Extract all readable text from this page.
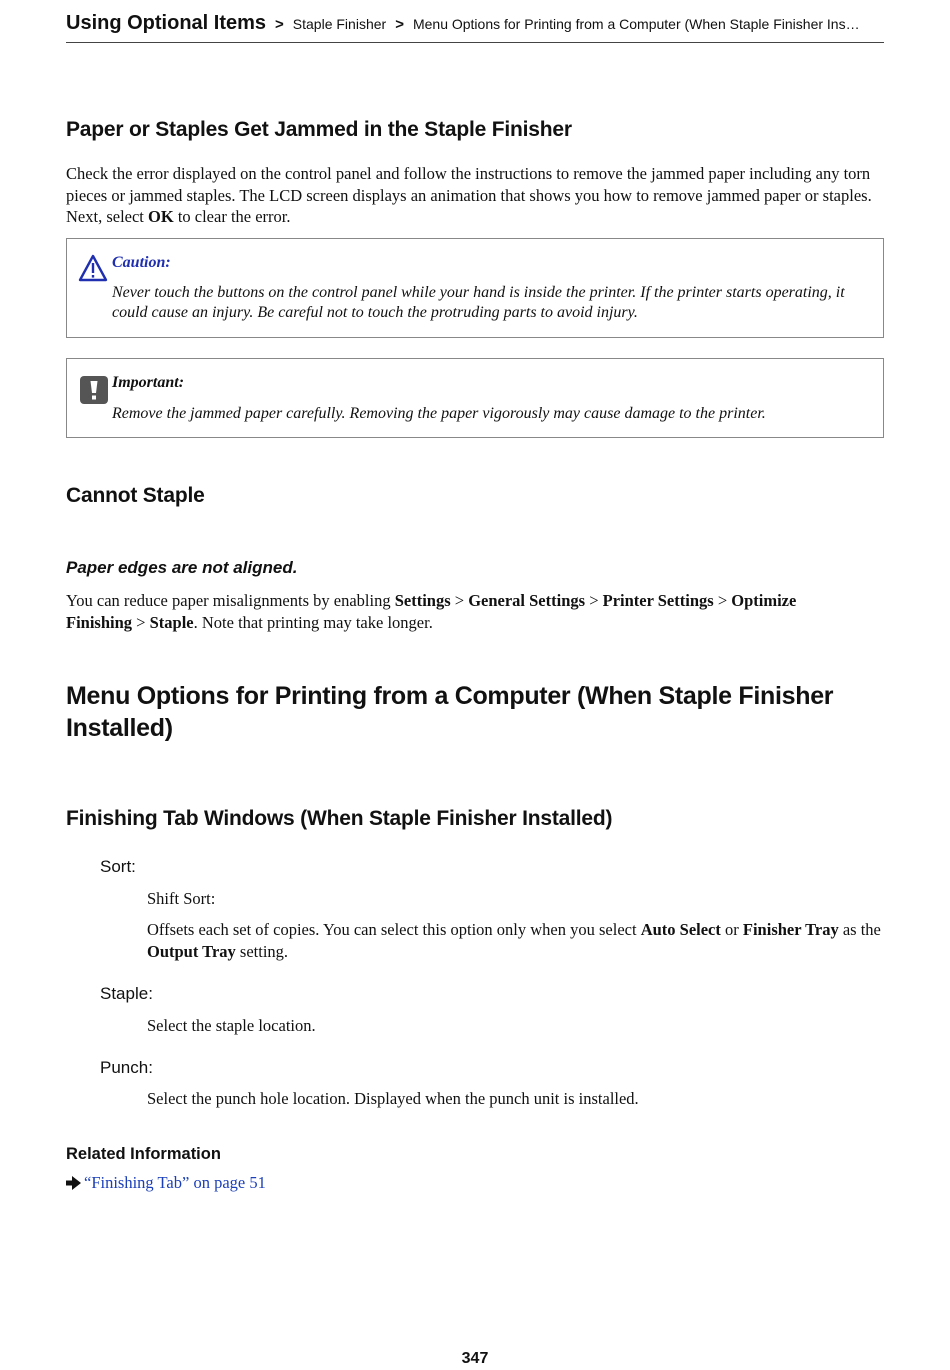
Using Optional Items > Staple Finisher > Menu Options for Printing from a Computer (When Staple Finisher Ins…
Paper or Staples Get Jammed in the Staple Finisher
Check the error displayed on the control panel and follow the instructions to remove the jammed paper including any torn pieces or jammed staples. The LCD screen displays an animation that shows you how to remove jammed paper or staples. Next, select OK to clear the error.
Caution:
Never touch the buttons on the control panel while your hand is inside the printer. If the printer starts operating, it could cause an injury. Be careful not to touch the protruding parts to avoid injury.
Important:
Remove the jammed paper carefully. Removing the paper vigorously may cause damage to the printer.
Cannot Staple
Paper edges are not aligned.
You can reduce paper misalignments by enabling Settings > General Settings > Printer Settings > Optimize Finishing > Staple. Note that printing may take longer.
Menu Options for Printing from a Computer (When Staple Finisher Installed)
Finishing Tab Windows (When Staple Finisher Installed)
Sort:
Shift Sort:
Offsets each set of copies. You can select this option only when you select Auto Select or Finisher Tray as the Output Tray setting.
Staple:
Select the staple location.
Punch:
Select the punch hole location. Displayed when the punch unit is installed.
Related Information
“Finishing Tab” on page 51
347
